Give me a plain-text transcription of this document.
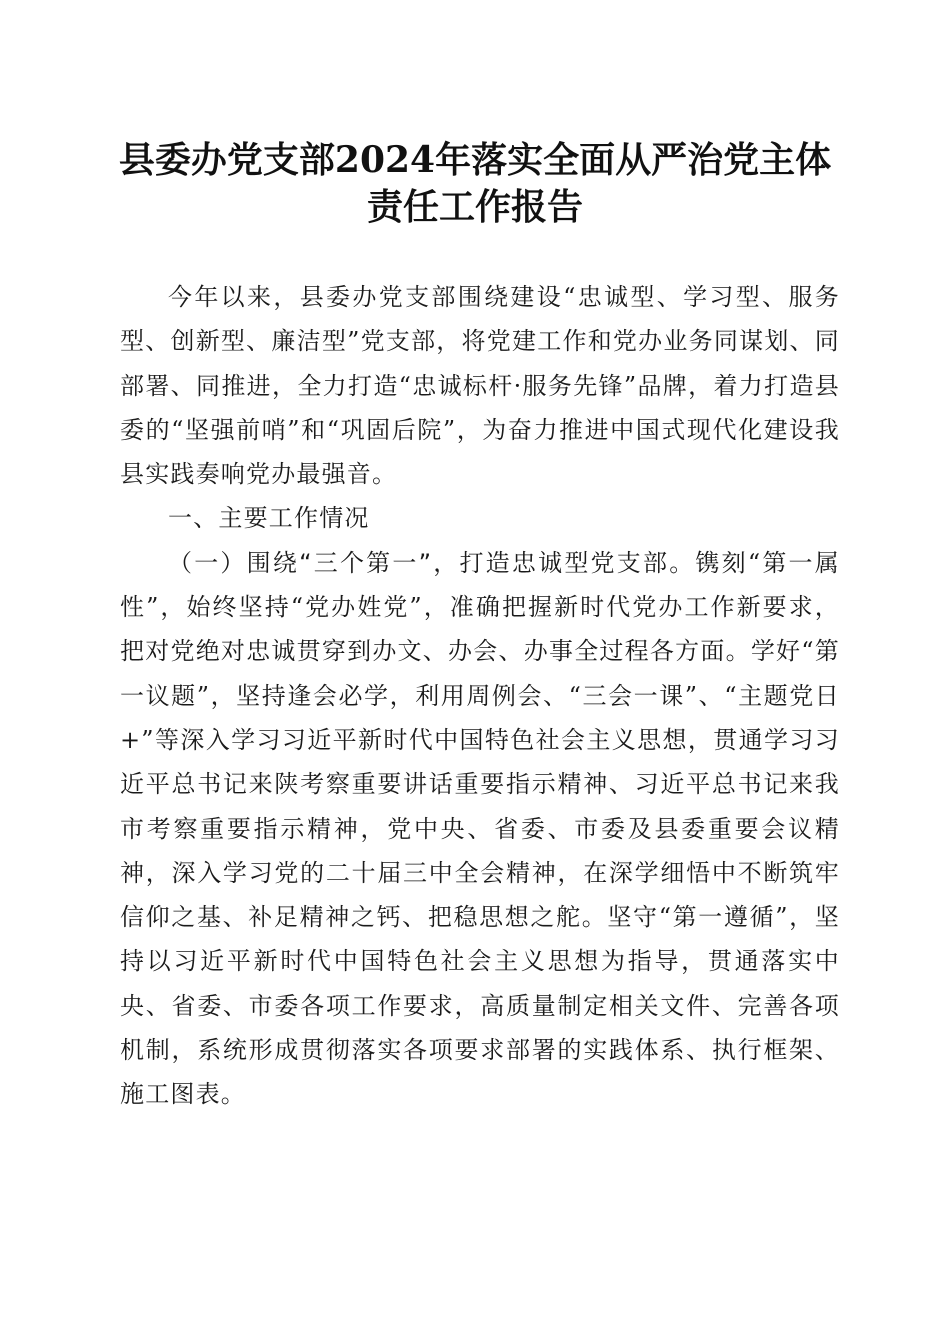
县委办党支部2024年落实全面从严治党主体
责任工作报告

今年以来，县委办党支部围绕建设“忠诚型、学习型、服务型、创新型、廉洁型”党支部，将党建工作和党办业务同谋划、同部署、同推进，全力打造“忠诚标杆·服务先锋”品牌，着力打造县委的“坚强前哨”和“巩固后院”，为奋力推进中国式现代化建设我县实践奏响党办最强音。

一、主要工作情况

（一）围绕“三个第一”，打造忠诚型党支部。镌刻“第一属性”，始终坚持“党办姓党”，准确把握新时代党办工作新要求，把对党绝对忠诚贯穿到办文、办会、办事全过程各方面。学好“第一议题”，坚持逢会必学，利用周例会、“三会一课”、“主题党日+”等深入学习习近平新时代中国特色社会主义思想，贯通学习习近平总书记来陕考察重要讲话重要指示精神、习近平总书记来我市考察重要指示精神，党中央、省委、市委及县委重要会议精神，深入学习党的二十届三中全会精神，在深学细悟中不断筑牢信仰之基、补足精神之钙、把稳思想之舵。坚守“第一遵循”，坚持以习近平新时代中国特色社会主义思想为指导，贯通落实中央、省委、市委各项工作要求，高质量制定相关文件、完善各项机制，系统形成贯彻落实各项要求部署的实践体系、执行框架、施工图表。
